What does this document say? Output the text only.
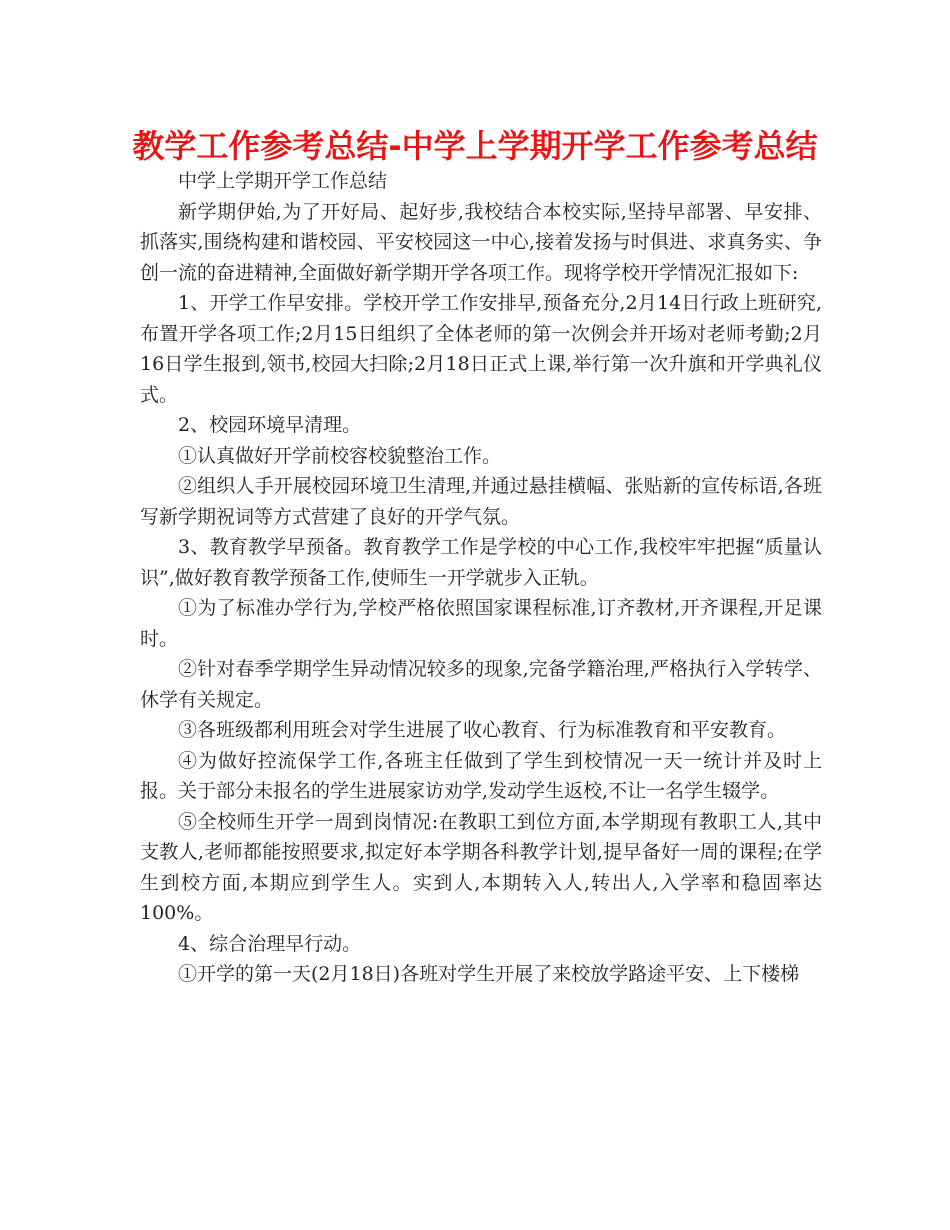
教学工作参考总结-中学上学期开学工作参考总结

中学上学期开学工作总结

新学期伊始,为了开好局、起好步,我校结合本校实际,坚持早部署、早安排、抓落实,围绕构建和谐校园、平安校园这一中心,接着发扬与时俱进、求真务实、争创一流的奋进精神,全面做好新学期开学各项工作。现将学校开学情况汇报如下:

1、开学工作早安排。学校开学工作安排早,预备充分,2月14日行政上班研究,布置开学各项工作;2月15日组织了全体老师的第一次例会并开场对老师考勤;2月16日学生报到,领书,校园大扫除;2月18日正式上课,举行第一次升旗和开学典礼仪式。

2、校园环境早清理。

①认真做好开学前校容校貌整治工作。

②组织人手开展校园环境卫生清理,并通过悬挂横幅、张贴新的宣传标语,各班写新学期祝词等方式营建了良好的开学气氛。

3、教育教学早预备。教育教学工作是学校的中心工作,我校牢牢把握“质量认识”,做好教育教学预备工作,使师生一开学就步入正轨。

①为了标准办学行为,学校严格依照国家课程标准,订齐教材,开齐课程,开足课时。

②针对春季学期学生异动情况较多的现象,完备学籍治理,严格执行入学转学、休学有关规定。

③各班级都利用班会对学生进展了收心教育、行为标准教育和平安教育。

④为做好控流保学工作,各班主任做到了学生到校情况一天一统计并及时上报。关于部分未报名的学生进展家访劝学,发动学生返校,不让一名学生辍学。

⑤全校师生开学一周到岗情况:在教职工到位方面,本学期现有教职工人,其中支教人,老师都能按照要求,拟定好本学期各科教学计划,提早备好一周的课程;在学生到校方面,本期应到学生人。实到人,本期转入人,转出人,入学率和稳固率达100%。

4、综合治理早行动。

①开学的第一天(2月18日)各班对学生开展了来校放学路途平安、上下楼梯
